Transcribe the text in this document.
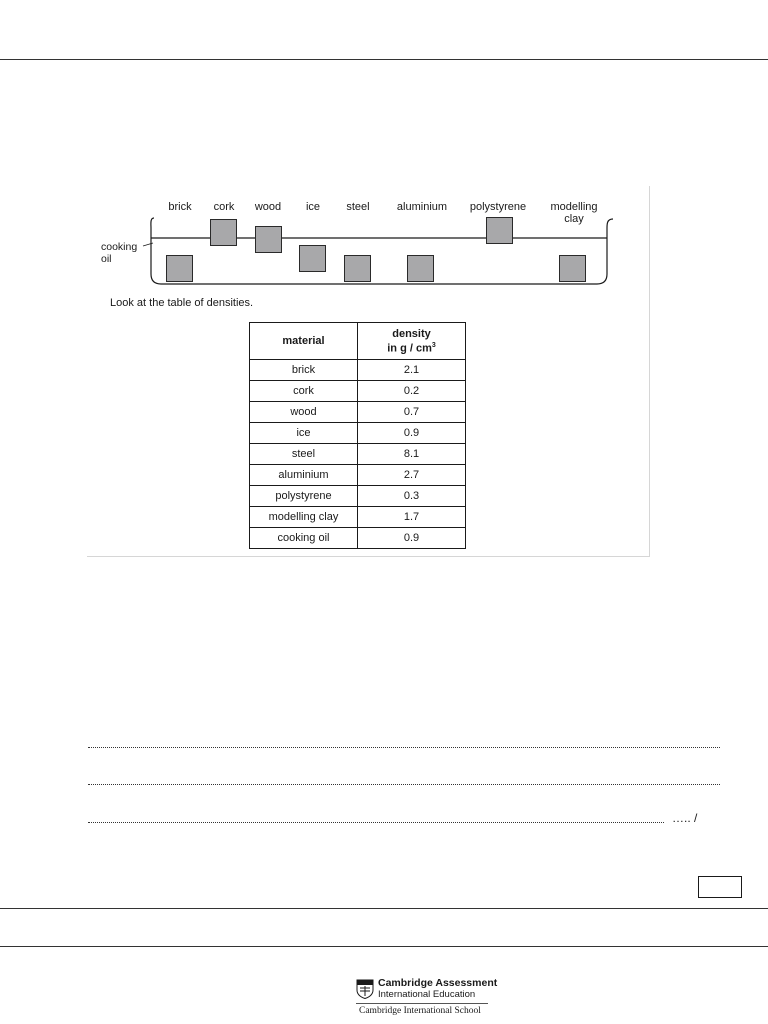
brick	cork	wood	ice	steel	aluminium	polystyrene	modelling
clay
cooking
oil
Look at the table of densities.
material	density
in g / $cm^3$
brick	2.1
cork	0.2
wood	0.7
ice	0.9
steel	8.1
aluminium	2.7
polystyrene	0.3
modelling clay	1.7
cooking oil	0.9
….. /
Cambridge Assessment
International Education
Cambridge International School
